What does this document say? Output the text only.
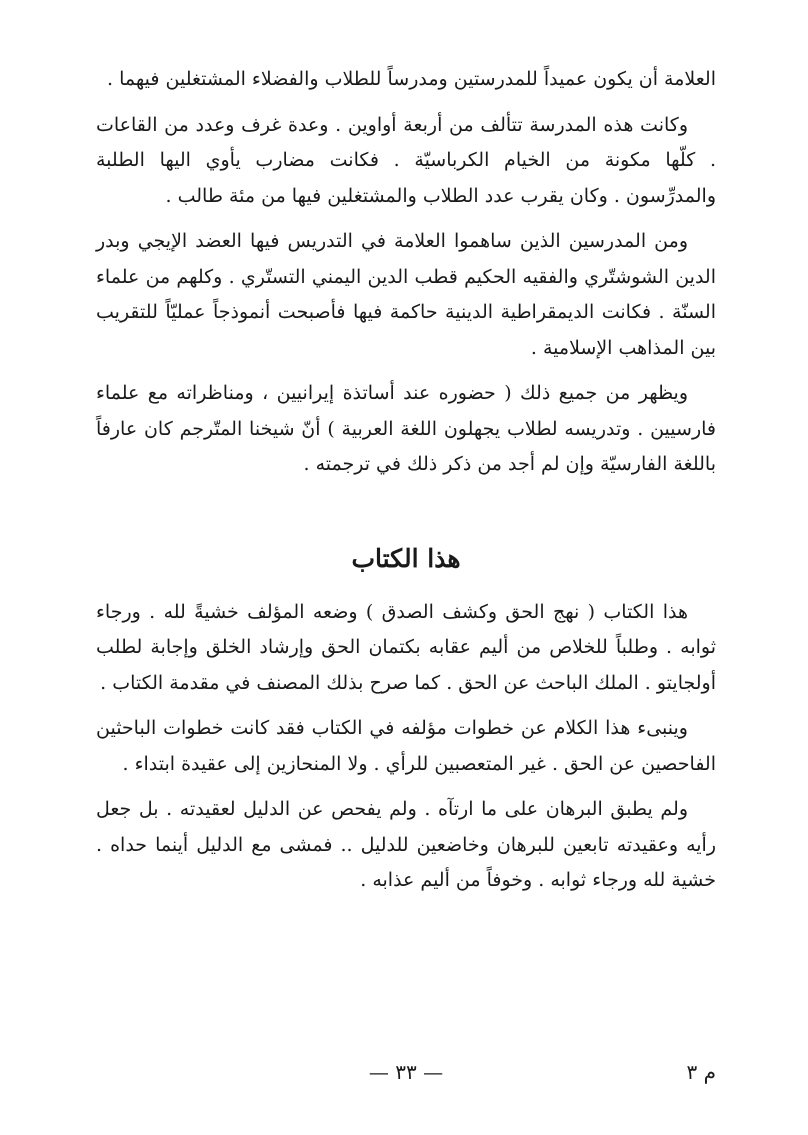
العلامة أن يكون عميداً للمدرستين ومدرساً للطلاب والفضلاء المشتغلين فيهما .

وكانت هذه المدرسة تتألف من أربعة أواوين . وعدة غرف وعدد من القاعات . كلّها مكونة من الخيام الكرباسيّة . فكانت مضارب يأوي اليها الطلبة والمدرِّسون . وكان يقرب عدد الطلاب والمشتغلين فيها من مئة طالب .

ومن المدرسين الذين ساهموا العلامة في التدريس فيها العضد الإيجي وبدر الدين الشوشتّري والفقيه الحكيم قطب الدين اليمني التستّري . وكلهم من علماء السنّة . فكانت الديمقراطية الدينية حاكمة فيها فأصبحت أنموذجاً عمليّاً للتقريب بين المذاهب الإسلامية .

ويظهر من جميع ذلك ( حضوره عند أساتذة إيرانيين ، ومناظراته مع علماء فارسيين . وتدريسه لطلاب يجهلون اللغة العربية ) أنّ شيخنا المتّرجم كان عارفاً باللغة الفارسيّة وإن لم أجد من ذكر ذلك في ترجمته .

هذا الكتاب

هذا الكتاب ( نهج الحق وكشف الصدق ) وضعه المؤلف خشيةً لله . ورجاء ثوابه . وطلباً للخلاص من أليم عقابه بكتمان الحق وإرشاد الخلق وإجابة لطلب أولجايتو . الملك الباحث عن الحق . كما صرح بذلك المصنف في مقدمة الكتاب .

وينبىء هذا الكلام عن خطوات مؤلفه في الكتاب فقد كانت خطوات الباحثين الفاحصين عن الحق . غير المتعصبين للرأي . ولا المنحازين إلى عقيدة ابتداء .

ولم يطبق البرهان على ما ارتآه . ولم يفحص عن الدليل لعقيدته . بل جعل رأيه وعقيدته تابعين للبرهان وخاضعين للدليل .. فمشى مع الدليل أينما حداه . خشية لله ورجاء ثوابه . وخوفاً من أليم عذابه .

م ٣
— ٣٣ —
